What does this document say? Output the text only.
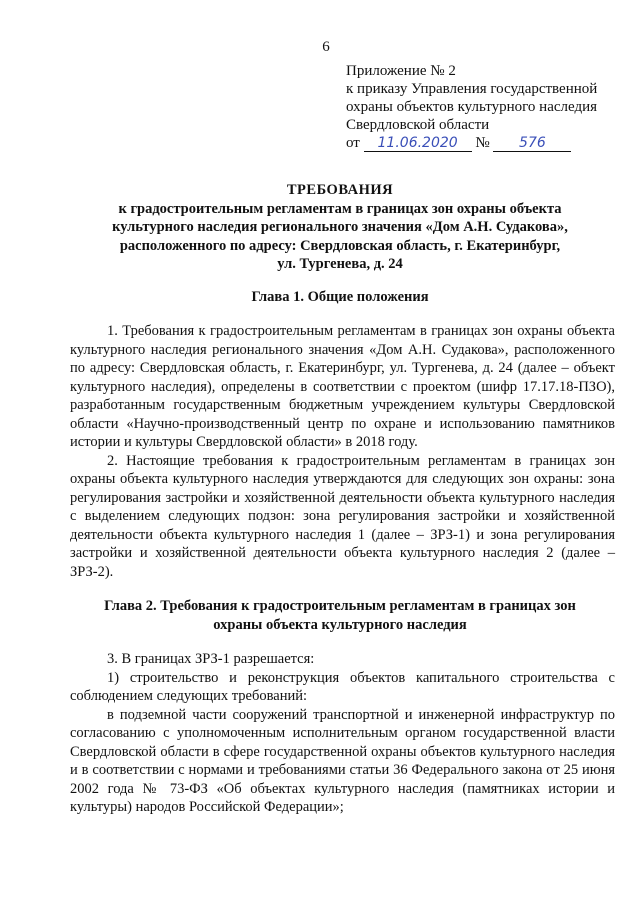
6
Приложение № 2
к приказу Управления государственной
охраны объектов культурного наследия
Свердловской области
от 11.06.2020 № 576
ТРЕБОВАНИЯ
к градостроительным регламентам в границах зон охраны объекта
культурного наследия регионального значения «Дом А.Н. Судакова»,
расположенного по адресу: Свердловская область, г. Екатеринбург,
ул. Тургенева, д. 24
Глава 1. Общие положения

1. Требования к градостроительным регламентам в границах зон охраны объекта культурного наследия регионального значения «Дом А.Н. Судакова», расположенного по адресу: Свердловская область, г. Екатеринбург, ул. Тургенева, д. 24 (далее – объект культурного наследия), определены в соответствии с проектом (шифр 17.17.18-ПЗО), разработанным государственным бюджетным учреждением культуры Свердловской области «Научно-производственный центр по охране и использованию памятников истории и культуры Свердловской области» в 2018 году.

2. Настоящие требования к градостроительным регламентам в границах зон охраны объекта культурного наследия утверждаются для следующих зон охраны: зона регулирования застройки и хозяйственной деятельности объекта культурного наследия с выделением следующих подзон: зона регулирования застройки и хозяйственной деятельности объекта культурного наследия 1 (далее – ЗРЗ-1) и зона регулирования застройки и хозяйственной деятельности объекта культурного наследия 2 (далее – ЗРЗ-2).

Глава 2. Требования к градостроительным регламентам в границах зон
охраны объекта культурного наследия

3. В границах ЗРЗ-1 разрешается:

1) строительство и реконструкция объектов капитального строительства с соблюдением следующих требований:

в подземной части сооружений транспортной и инженерной инфраструктур по согласованию с уполномоченным исполнительным органом государственной власти Свердловской области в сфере государственной охраны объектов культурного наследия и в соответствии с нормами и требованиями статьи 36 Федерального закона от 25 июня 2002 года № 73-ФЗ «Об объектах культурного наследия (памятниках истории и культуры) народов Российской Федерации»;
